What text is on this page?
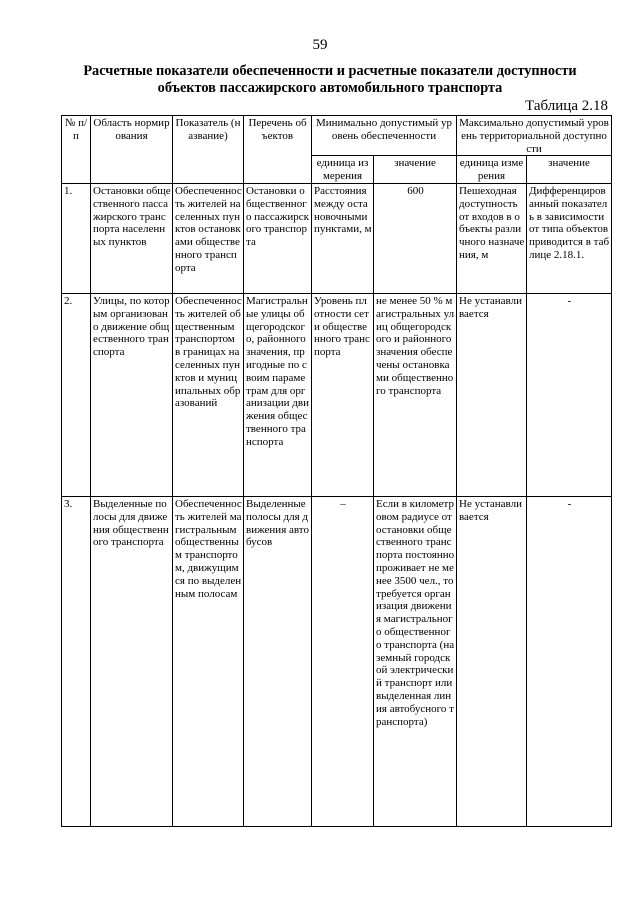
59
Расчетные показатели обеспеченности и расчетные показатели доступности
объектов пассажирского автомобильного транспорта
Таблица 2.18
№ п/п	Область нормирования	Показатель (название)	Перечень объектов	Минимально допустимый уровень обеспеченности		Максимально допустимый уровень территориальной доступности	
				единица измерения	значение	единица измерения	значение
1.	Остановки общественного пассажирского транспорта населенных пунктов	Обеспеченность жителей населенных пунктов остановками общественного транспорта	Остановки общественного пассажирского транспорта	Расстояния между остановочными пунктами, м	600	Пешеходная доступность от входов в объекты различного назначения, м	Дифференцированный показатель в зависимости от типа объектов приводится в таблице 2.18.1.
2.	Улицы, по которым организовано движение общественного транспорта	Обеспеченность жителей общественным транспортом в границах населенных пунктов и муниципальных образований	Магистральные улицы общегородского, районного значения, пригодные по своим параметрам для организации движения общественного транспорта	Уровень плотности сети общественного транспорта	не менее 50 % магистральных улиц общегородского и районного значения обеспечены остановками общественного транспорта	Не устанавливается	-
3.	Выделенные полосы для движения общественного транспорта	Обеспеченность жителей магистральным общественным транспортом, движущимся по выделенным полосам	Выделенные полосы для движения автобусов	–	Если в километровом радиусе от остановки общественного транспорта постоянно проживает не менее 3500 чел., то требуется организация движения магистрального общественного транспорта (наземный городской электрический транспорт или выделенная линия автобусного транспорта)	Не устанавливается	-
